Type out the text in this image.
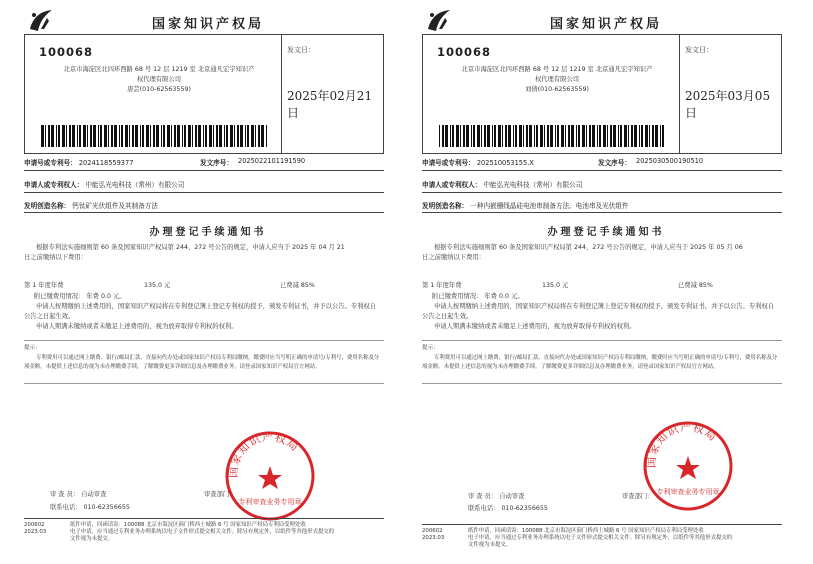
国家知识产权局
100068
北京市海淀区北四环西路 68 号 12 层 1219 室 北京通凡宏宇知识产
权代理有限公司
唐芸(010-62563559)
发文日：
2025年02月21日
申请号或专利号： 2024118559377	发文序号： 2025022101191590
申请人或专利权人： 中能弘光电科技（常州）有限公司
发明创造名称： 钙钛矿光伏组件及其制备方法
办理登记手续通知书
根据专利法实施细则第 60 条及国家知识产权局第 244、272 号公告的规定，申请人应当于 2025 年 04 月 21
日之前缴纳以下费用：
第 1 年度年费	135.0 元	已费减 85%
附已缴费用情况： 年费 0.0 元。
申请人按期缴纳上述费用的，国家知识产权局将在专利登记簿上登记专利权的授予，颁发专利证书，并予以公告。专利权自公告之日起生效。
申请人期满未缴纳或者未缴足上述费用的，视为放弃取得专利权的权利。
提示：
专利费用可以通过网上缴费、银行/邮局汇款、直接向代办处或国家知识产权局专利局缴纳。缴费时应当写明正确的申请号/专利号，费用名称及分项金额。未提供上述信息的视为未办理缴费手续。了解缴费更多详细信息及办理缴费业务，请登录国家知识产权局官方网站。
国家知识产权局
专利审查业务专用章
审 查 员： 自动审查	审查部门：
联系电话： 010-62356655
200602
2023.03
纸件申请，回函请寄：100088 北京市海淀区蓟门桥西土城路 6 号 国家知识产权局专利局受理处收
电子申请，应当通过专利业务办理系统以电子文件形式提交相关文件。除另有规定外，以纸件等其他形式提交的
文件视为未提交。
国家知识产权局
100068
北京市海淀区北四环西路 68 号 12 层 1219 室 北京通凡宏宇知识产
权代理有限公司
刘倩(010-62563559)
发文日：
2025年03月05日
申请号或专利号： 202510053155.X	发文序号： 2025030500190510
申请人或专利权人： 中能弘光电科技（常州）有限公司
发明创造名称： 一种内嵌栅线晶硅电池串制备方法、电池串及光伏组件
办理登记手续通知书
根据专利法实施细则第 60 条及国家知识产权局第 244、272 号公告的规定，申请人应当于 2025 年 05 月 06
日之前缴纳以下费用：
第 1 年度年费	135.0 元	已费减 85%
附已缴费用情况： 年费 0.0 元。
申请人按期缴纳上述费用的，国家知识产权局将在专利登记簿上登记专利权的授予，颁发专利证书，并予以公告。专利权自公告之日起生效。
申请人期满未缴纳或者未缴足上述费用的，视为放弃取得专利权的权利。
提示：
专利费用可以通过网上缴费、银行/邮局汇款、直接向代办处或国家知识产权局专利局缴纳。缴费时应当写明正确的申请号/专利号，费用名称及分项金额。未提供上述信息的视为未办理缴费手续。了解缴费更多详细信息及办理缴费业务，请登录国家知识产权局官方网站。
国家知识产权局
专利审查业务专用章
审 查 员： 自动审查	审查部门：
联系电话： 010-62356655
200602
2023.03
纸件申请，回函请寄：100088 北京市海淀区蓟门桥西土城路 6 号 国家知识产权局专利局受理处收
电子申请，应当通过专利业务办理系统以电子文件形式提交相关文件。除另有规定外，以纸件等其他形式提交的
文件视为未提交。
